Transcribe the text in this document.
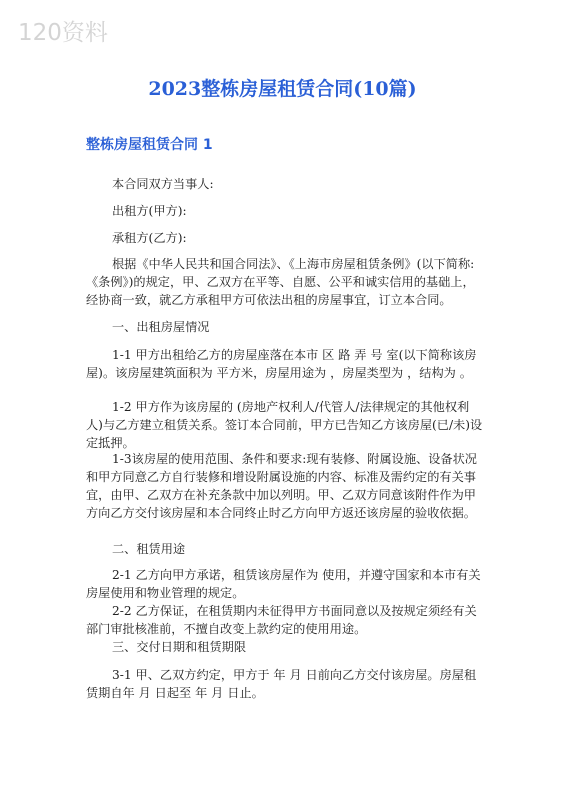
120资料
2023整栋房屋租赁合同(10篇)
整栋房屋租赁合同 1
本合同双方当事人:
出租方(甲方):
承租方(乙方):
根据《中华人民共和国合同法》、《上海市房屋租赁条例》(以下简称:《条例》)的规定，甲、乙双方在平等、自愿、公平和诚实信用的基础上，经协商一致，就乙方承租甲方可依法出租的房屋事宜，订立本合同。
一、出租房屋情况
1-1 甲方出租给乙方的房屋座落在本市 区 路 弄 号 室(以下简称该房屋)。该房屋建筑面积为 平方米，房屋用途为 ，房屋类型为 ，结构为 。
1-2 甲方作为该房屋的 (房地产权利人/代管人/法律规定的其他权利人)与乙方建立租赁关系。签订本合同前，甲方已告知乙方该房屋(已/未)设定抵押。
1-3该房屋的使用范围、条件和要求:现有装修、附属设施、设备状况和甲方同意乙方自行装修和增设附属设施的内容、标准及需约定的有关事宜，由甲、乙双方在补充条款中加以列明。甲、乙双方同意该附件作为甲方向乙方交付该房屋和本合同终止时乙方向甲方返还该房屋的验收依据。
二、租赁用途
2-1 乙方向甲方承诺，租赁该房屋作为 使用，并遵守国家和本市有关房屋使用和物业管理的规定。
2-2 乙方保证，在租赁期内未征得甲方书面同意以及按规定须经有关部门审批核准前，不擅自改变上款约定的使用用途。
三、交付日期和租赁期限
3-1 甲、乙双方约定，甲方于 年 月 日前向乙方交付该房屋。房屋租赁期自年 月 日起至 年 月 日止。
